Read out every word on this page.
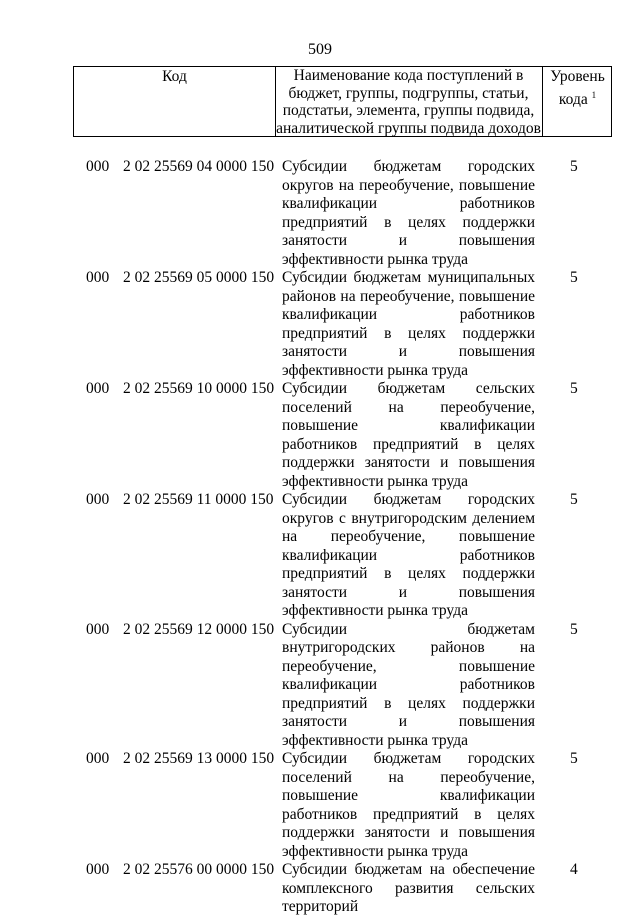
509
Код	Наименование кода поступлений в
бюджет, группы, подгруппы, статьи,
подстатьи, элемента, группы подвида,
аналитической группы подвида доходов
Уровень
кода $^1$
000 2 02 25569 04 0000 150 Субсидии бюджетам городских округов на переобучение, повышение квалификации работников предприятий в целях поддержки занятости и повышения эффективности рынка труда
5
000 2 02 25569 05 0000 150 Субсидии бюджетам муниципальных районов на переобучение, повышение квалификации работников предприятий в целях поддержки занятости и повышения эффективности рынка труда
5
000 2 02 25569 10 0000 150 Субсидии бюджетам сельских поселений на переобучение, повышение квалификации работников предприятий в целях поддержки занятости и повышения эффективности рынка труда
5
000 2 02 25569 11 0000 150 Субсидии бюджетам городских округов с внутригородским делением на переобучение, повышение квалификации работников предприятий в целях поддержки занятости и повышения эффективности рынка труда
5
000 2 02 25569 12 0000 150 Субсидии бюджетам внутригородских районов на переобучение, повышение квалификации работников предприятий в целях поддержки занятости и повышения эффективности рынка труда
5
000 2 02 25569 13 0000 150 Субсидии бюджетам городских поселений на переобучение, повышение квалификации работников предприятий в целях поддержки занятости и повышения эффективности рынка труда
5
000 2 02 25576 00 0000 150 Субсидии бюджетам на обеспечение комплексного развития сельских территорий
4
